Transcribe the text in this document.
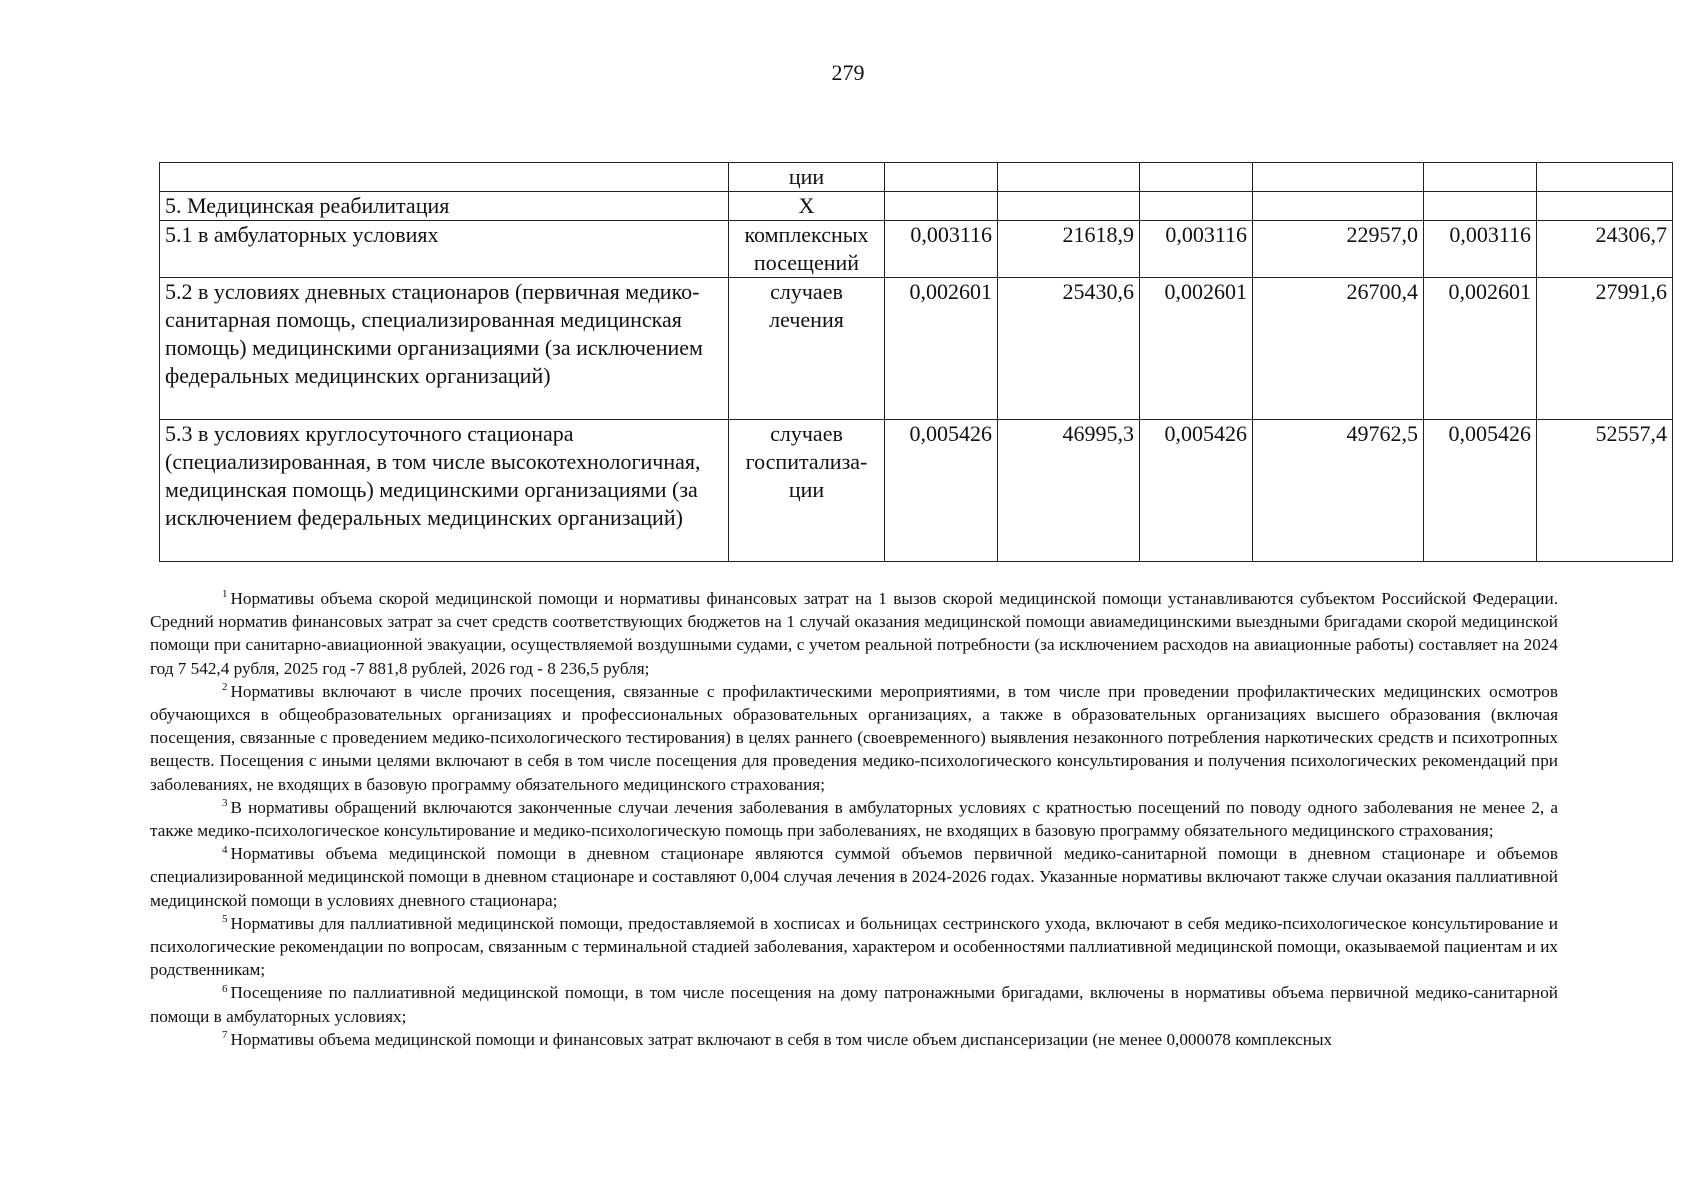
279
	ции						
5. Медицинская реабилитация	Х						
5.1 в амбулаторных условиях	комплексных посещений	0,003116	21618,9	0,003116	22957,0	0,003116	24306,7
5.2 в условиях дневных стационаров (первичная медико-санитарная помощь, специализированная медицинская помощь) медицинскими организациями (за исключением федеральных медицинских организаций)	случаев лечения	0,002601	25430,6	0,002601	26700,4	0,002601	27991,6
5.3 в условиях круглосуточного стационара (специализированная, в том числе высокотехнологичная, медицинская помощь) медицинскими организациями (за исключением федеральных медицинских организаций)	случаев госпитализа-ции	0,005426	46995,3	0,005426	49762,5	0,005426	52557,4

$^1$ Нормативы объема скорой медицинской помощи и нормативы финансовых затрат на 1 вызов скорой медицинской помощи устанавливаются субъектом Российской Федерации. Средний норматив финансовых затрат за счет средств соответствующих бюджетов на 1 случай оказания медицинской помощи авиамедицинскими выездными бригадами скорой медицинской помощи при санитарно-авиационной эвакуации, осуществляемой воздушными судами, с учетом реальной потребности (за исключением расходов на авиационные работы) составляет на 2024 год 7 542,4 рубля, 2025 год -7 881,8 рублей, 2026 год - 8 236,5 рубля;

$^2$ Нормативы включают в числе прочих посещения, связанные с профилактическими мероприятиями, в том числе при проведении профилактических медицинских осмотров обучающихся в общеобразовательных организациях и профессиональных образовательных организациях, а также в образовательных организациях высшего образования (включая посещения, связанные с проведением медико-психологического тестирования) в целях раннего (своевременного) выявления незаконного потребления наркотических средств и психотропных веществ. Посещения с иными целями включают в себя в том числе посещения для проведения медико-психологического консультирования и получения психологических рекомендаций при заболеваниях, не входящих в базовую программу обязательного медицинского страхования;

$^3$ В нормативы обращений включаются законченные случаи лечения заболевания в амбулаторных условиях с кратностью посещений по поводу одного заболевания не менее 2, а также медико-психологическое консультирование и медико-психологическую помощь при заболеваниях, не входящих в базовую программу обязательного медицинского страхования;

$^4$ Нормативы объема медицинской помощи в дневном стационаре являются суммой объемов первичной медико-санитарной помощи в дневном стационаре и объемов специализированной медицинской помощи в дневном стационаре и составляют 0,004 случая лечения в 2024-2026 годах. Указанные нормативы включают также случаи оказания паллиативной медицинской помощи в условиях дневного стационара;

$^5$ Нормативы для паллиативной медицинской помощи, предоставляемой в хосписах и больницах сестринского ухода, включают в себя медико-психологическое консультирование и психологические рекомендации по вопросам, связанным с терминальной стадией заболевания, характером и особенностями паллиативной медицинской помощи, оказываемой пациентам и их родственникам;

$^6$ Посещенияе по паллиативной медицинской помощи, в том числе посещения на дому патронажными бригадами, включены в нормативы объема первичной медико-санитарной помощи в амбулаторных условиях;

$^7$ Нормативы объема медицинской помощи и финансовых затрат включают в себя в том числе объем диспансеризации (не менее 0,000078 комплексных
